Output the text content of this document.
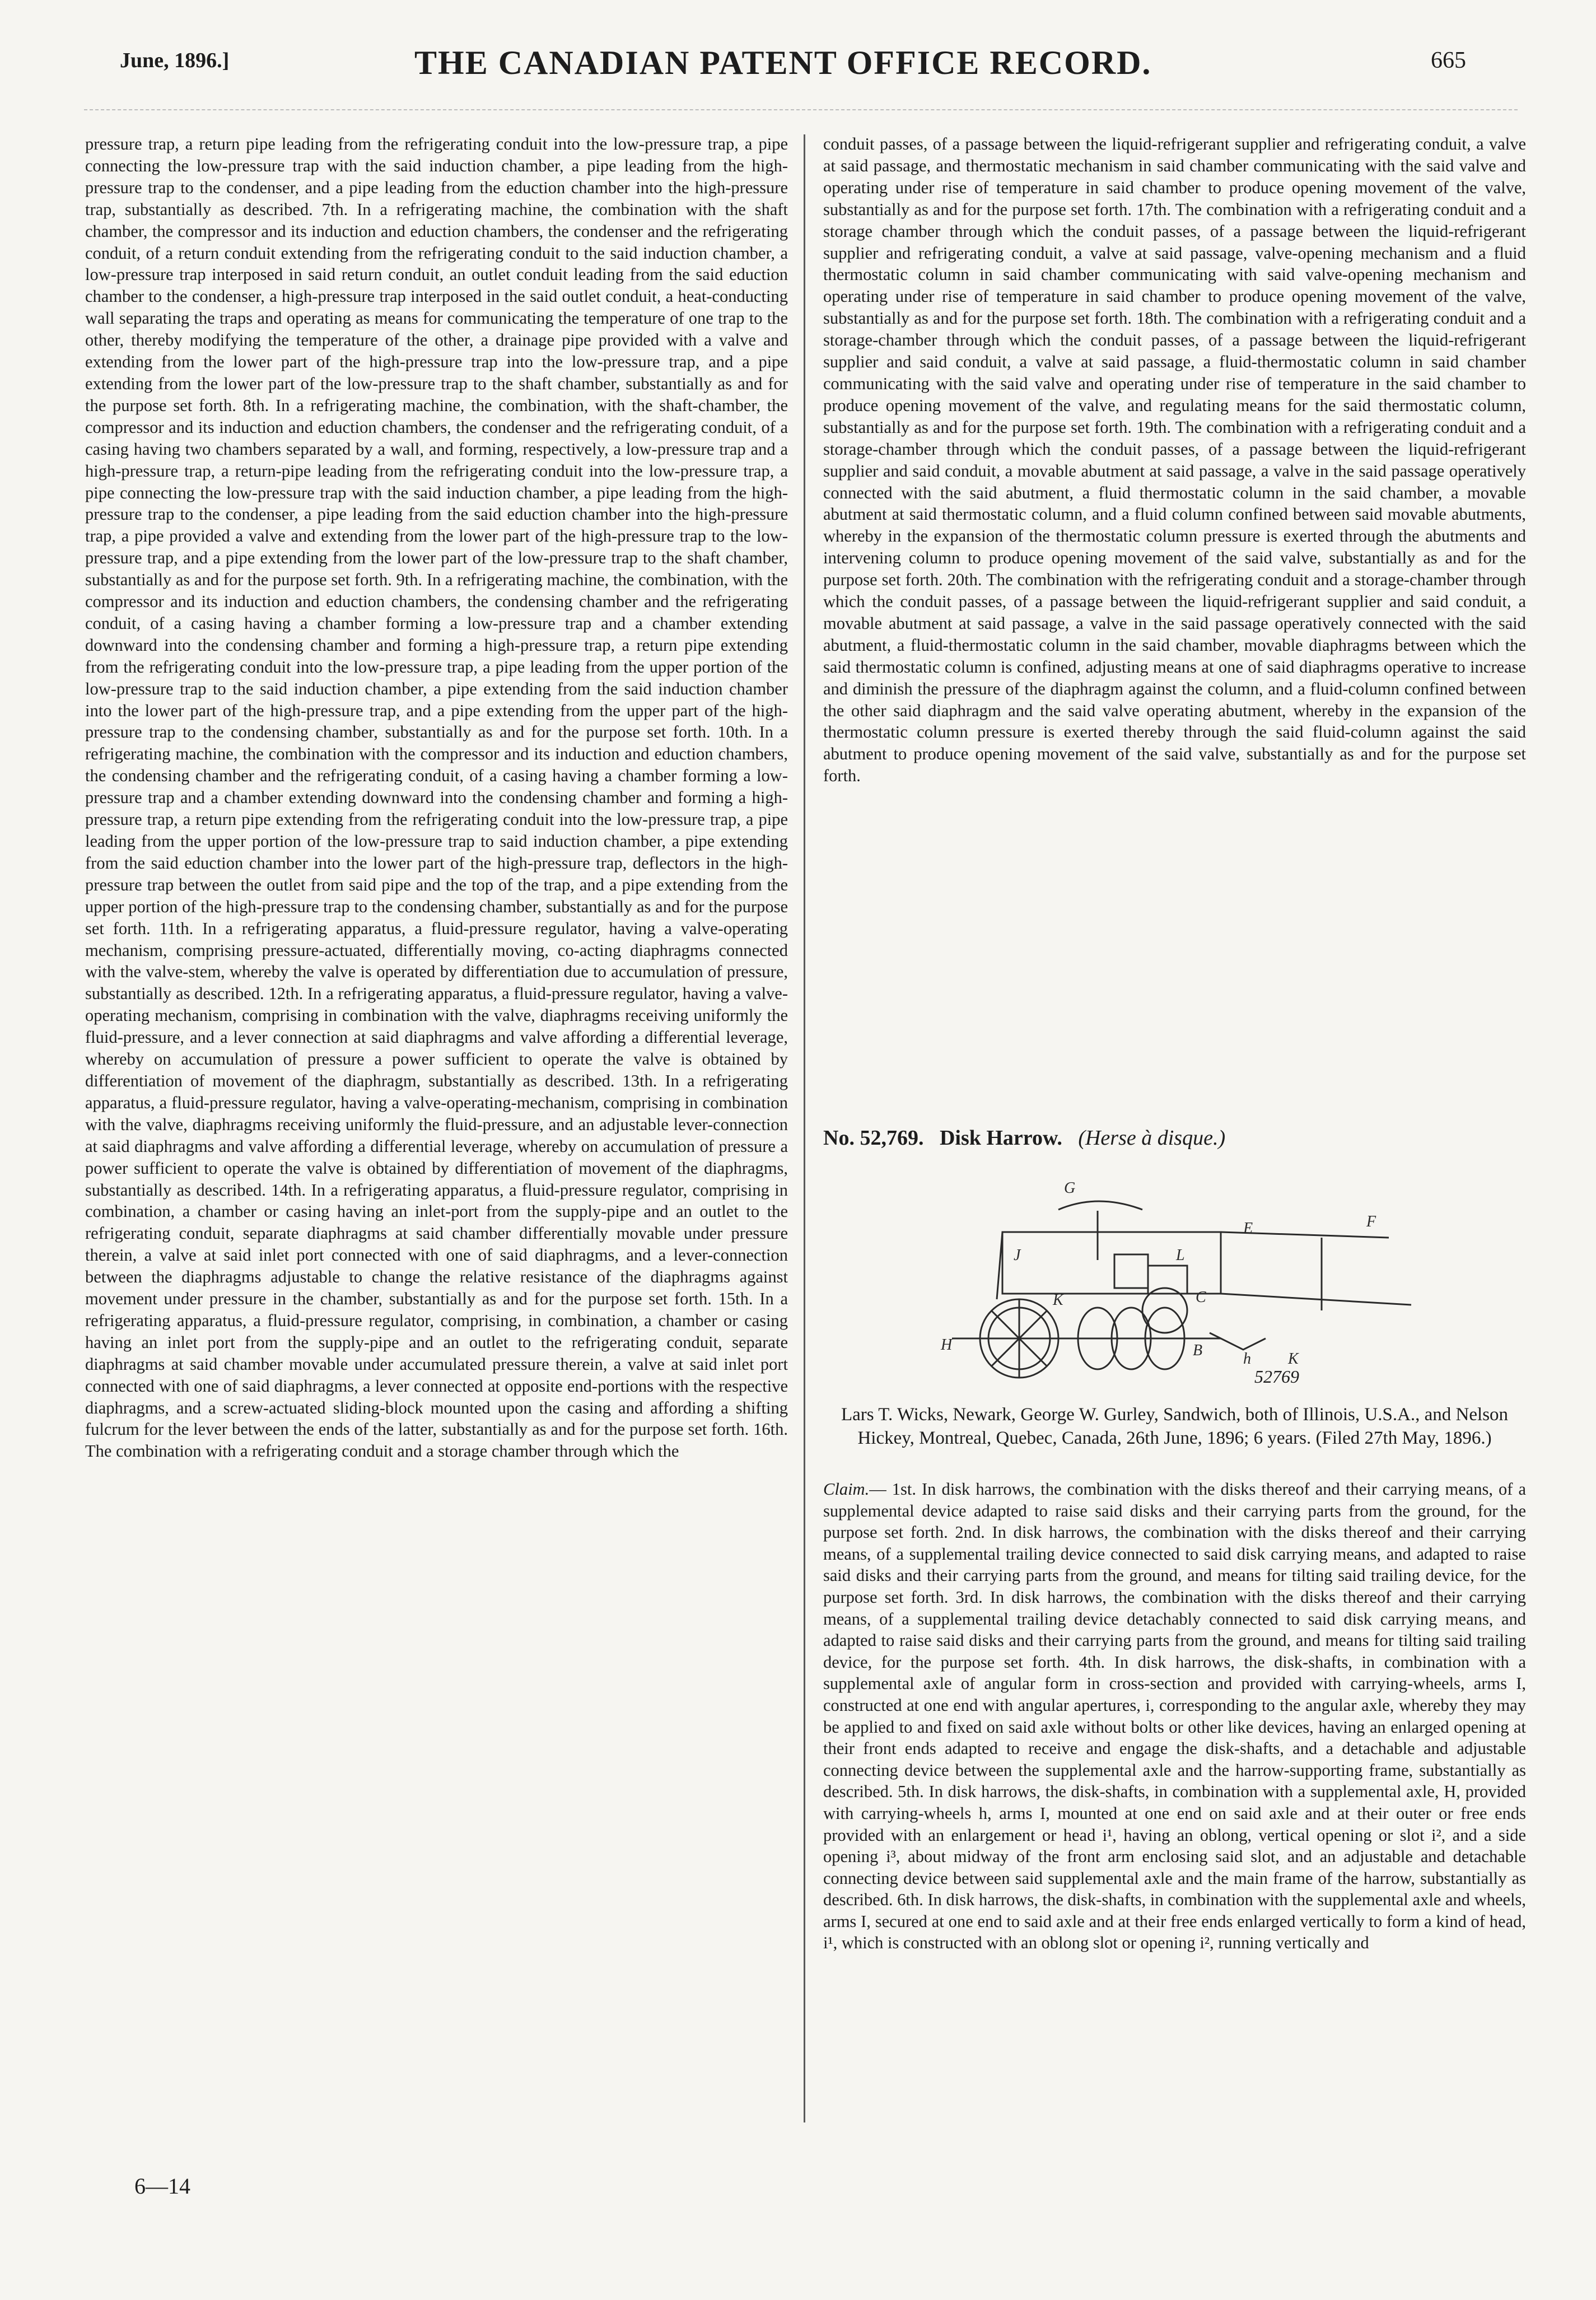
June, 1896.]	THE CANADIAN PATENT OFFICE RECORD.	665

pressure trap, a return pipe leading from the refrigerating conduit into the low-pressure trap, a pipe connecting the low-pressure trap with the said induction chamber, a pipe leading from the high-pressure trap to the condenser, and a pipe leading from the eduction chamber into the high-pressure trap, substantially as described. 7th. In a refrigerating machine, the combination with the shaft chamber, the compressor and its induction and eduction chambers, the condenser and the refrigerating conduit, of a return conduit extending from the refrigerating conduit to the said induction chamber, a low-pressure trap interposed in said return conduit, an outlet conduit leading from the said eduction chamber to the condenser, a high-pressure trap interposed in the said outlet conduit, a heat-conducting wall separating the traps and operating as means for communicating the temperature of one trap to the other, thereby modifying the temperature of the other, a drainage pipe provided with a valve and extending from the lower part of the high-pressure trap into the low-pressure trap, and a pipe extending from the lower part of the low-pressure trap to the shaft chamber, substantially as and for the purpose set forth. 8th. In a refrigerating machine, the combination, with the shaft-chamber, the compressor and its induction and eduction chambers, the condenser and the refrigerating conduit, of a casing having two chambers separated by a wall, and forming, respectively, a low-pressure trap and a high-pressure trap, a return-pipe leading from the refrigerating conduit into the low-pressure trap, a pipe connecting the low-pressure trap with the said induction chamber, a pipe leading from the high-pressure trap to the condenser, a pipe leading from the said eduction chamber into the high-pressure trap, a pipe provided a valve and extending from the lower part of the high-pressure trap to the low-pressure trap, and a pipe extending from the lower part of the low-pressure trap to the shaft chamber, substantially as and for the purpose set forth. 9th. In a refrigerating machine, the combination, with the compressor and its induction and eduction chambers, the condensing chamber and the refrigerating conduit, of a casing having a chamber forming a low-pressure trap and a chamber extending downward into the condensing chamber and forming a high-pressure trap, a return pipe extending from the refrigerating conduit into the low-pressure trap, a pipe leading from the upper portion of the low-pressure trap to the said induction chamber, a pipe extending from the said induction chamber into the lower part of the high-pressure trap, and a pipe extending from the upper part of the high-pressure trap to the condensing chamber, substantially as and for the purpose set forth. 10th. In a refrigerating machine, the combination with the compressor and its induction and eduction chambers, the condensing chamber and the refrigerating conduit, of a casing having a chamber forming a low-pressure trap and a chamber extending downward into the condensing chamber and forming a high-pressure trap, a return pipe extending from the refrigerating conduit into the low-pressure trap, a pipe leading from the upper portion of the low-pressure trap to said induction chamber, a pipe extending from the said eduction chamber into the lower part of the high-pressure trap, deflectors in the high-pressure trap between the outlet from said pipe and the top of the trap, and a pipe extending from the upper portion of the high-pressure trap to the condensing chamber, substantially as and for the purpose set forth. 11th. In a refrigerating apparatus, a fluid-pressure regulator, having a valve-operating mechanism, comprising pressure-actuated, differentially moving, co-acting diaphragms connected with the valve-stem, whereby the valve is operated by differentiation due to accumulation of pressure, substantially as described. 12th. In a refrigerating apparatus, a fluid-pressure regulator, having a valve-operating mechanism, comprising in combination with the valve, diaphragms receiving uniformly the fluid-pressure, and a lever connection at said diaphragms and valve affording a differential leverage, whereby on accumulation of pressure a power sufficient to operate the valve is obtained by differentiation of movement of the diaphragm, substantially as described. 13th. In a refrigerating apparatus, a fluid-pressure regulator, having a valve-operating-mechanism, comprising in combination with the valve, diaphragms receiving uniformly the fluid-pressure, and an adjustable lever-connection at said diaphragms and valve affording a differential leverage, whereby on accumulation of pressure a power sufficient to operate the valve is obtained by differentiation of movement of the diaphragms, substantially as described. 14th. In a refrigerating apparatus, a fluid-pressure regulator, comprising in combination, a chamber or casing having an inlet-port from the supply-pipe and an outlet to the refrigerating conduit, separate diaphragms at said chamber differentially movable under pressure therein, a valve at said inlet port connected with one of said diaphragms, and a lever-connection between the diaphragms adjustable to change the relative resistance of the diaphragms against movement under pressure in the chamber, substantially as and for the purpose set forth. 15th. In a refrigerating apparatus, a fluid-pressure regulator, comprising, in combination, a chamber or casing having an inlet port from the supply-pipe and an outlet to the refrigerating conduit, separate diaphragms at said chamber movable under accumulated pressure therein, a valve at said inlet port connected with one of said diaphragms, a lever connected at opposite end-portions with the respective diaphragms, and a screw-actuated sliding-block mounted upon the casing and affording a shifting fulcrum for the lever between the ends of the latter, substantially as and for the purpose set forth. 16th. The combination with a refrigerating conduit and a storage chamber through which the

conduit passes, of a passage between the liquid-refrigerant supplier and refrigerating conduit, a valve at said passage, and thermostatic mechanism in said chamber communicating with the said valve and operating under rise of temperature in said chamber to produce opening movement of the valve, substantially as and for the purpose set forth. 17th. The combination with a refrigerating conduit and a storage chamber through which the conduit passes, of a passage between the liquid-refrigerant supplier and refrigerating conduit, a valve at said passage, valve-opening mechanism and a fluid thermostatic column in said chamber communicating with said valve-opening mechanism and operating under rise of temperature in said chamber to produce opening movement of the valve, substantially as and for the purpose set forth. 18th. The combination with a refrigerating conduit and a storage-chamber through which the conduit passes, of a passage between the liquid-refrigerant supplier and said conduit, a valve at said passage, a fluid-thermostatic column in said chamber communicating with the said valve and operating under rise of temperature in the said chamber to produce opening movement of the valve, and regulating means for the said thermostatic column, substantially as and for the purpose set forth. 19th. The combination with a refrigerating conduit and a storage-chamber through which the conduit passes, of a passage between the liquid-refrigerant supplier and said conduit, a movable abutment at said passage, a valve in the said passage operatively connected with the said abutment, a fluid thermostatic column in the said chamber, a movable abutment at said thermostatic column, and a fluid column confined between said movable abutments, whereby in the expansion of the thermostatic column pressure is exerted through the abutments and intervening column to produce opening movement of the said valve, substantially as and for the purpose set forth. 20th. The combination with the refrigerating conduit and a storage-chamber through which the conduit passes, of a passage between the liquid-refrigerant supplier and said conduit, a movable abutment at said passage, a valve in the said passage operatively connected with the said abutment, a fluid-thermostatic column in the said chamber, movable diaphragms between which the said thermostatic column is confined, adjusting means at one of said diaphragms operative to increase and diminish the pressure of the diaphragm against the column, and a fluid-column confined between the other said diaphragm and the said valve operating abutment, whereby in the expansion of the thermostatic column pressure is exerted thereby through the said fluid-column against the said abutment to produce opening movement of the said valve, substantially as and for the purpose set forth.

No. 52,769. Disk Harrow. (Herse à disque.)
G
E	F
J	L
C
K
H	B	h K
52769
Lars T. Wicks, Newark, George W. Gurley, Sandwich, both of Illinois, U.S.A., and Nelson Hickey, Montreal, Quebec, Canada, 26th June, 1896; 6 years. (Filed 27th May, 1896.)
Claim.— 1st. In disk harrows, the combination with the disks thereof and their carrying means, of a supplemental device adapted to raise said disks and their carrying parts from the ground, for the purpose set forth. 2nd. In disk harrows, the combination with the disks thereof and their carrying means, of a supplemental trailing device connected to said disk carrying means, and adapted to raise said disks and their carrying parts from the ground, and means for tilting said trailing device, for the purpose set forth. 3rd. In disk harrows, the combination with the disks thereof and their carrying means, of a supplemental trailing device detachably connected to said disk carrying means, and adapted to raise said disks and their carrying parts from the ground, and means for tilting said trailing device, for the purpose set forth. 4th. In disk harrows, the disk-shafts, in combination with a supplemental axle of angular form in cross-section and provided with carrying-wheels, arms I, constructed at one end with angular apertures, i, corresponding to the angular axle, whereby they may be applied to and fixed on said axle without bolts or other like devices, having an enlarged opening at their front ends adapted to receive and engage the disk-shafts, and a detachable and adjustable connecting device between the supplemental axle and the harrow-supporting frame, substantially as described. 5th. In disk harrows, the disk-shafts, in combination with a supplemental axle, H, provided with carrying-wheels h, arms I, mounted at one end on said axle and at their outer or free ends provided with an enlargement or head i¹, having an oblong, vertical opening or slot i², and a side opening i³, about midway of the front arm enclosing said slot, and an adjustable and detachable connecting device between said supplemental axle and the main frame of the harrow, substantially as described. 6th. In disk harrows, the disk-shafts, in combination with the supplemental axle and wheels, arms I, secured at one end to said axle and at their free ends enlarged vertically to form a kind of head, i¹, which is constructed with an oblong slot or opening i², running vertically and
6—14
